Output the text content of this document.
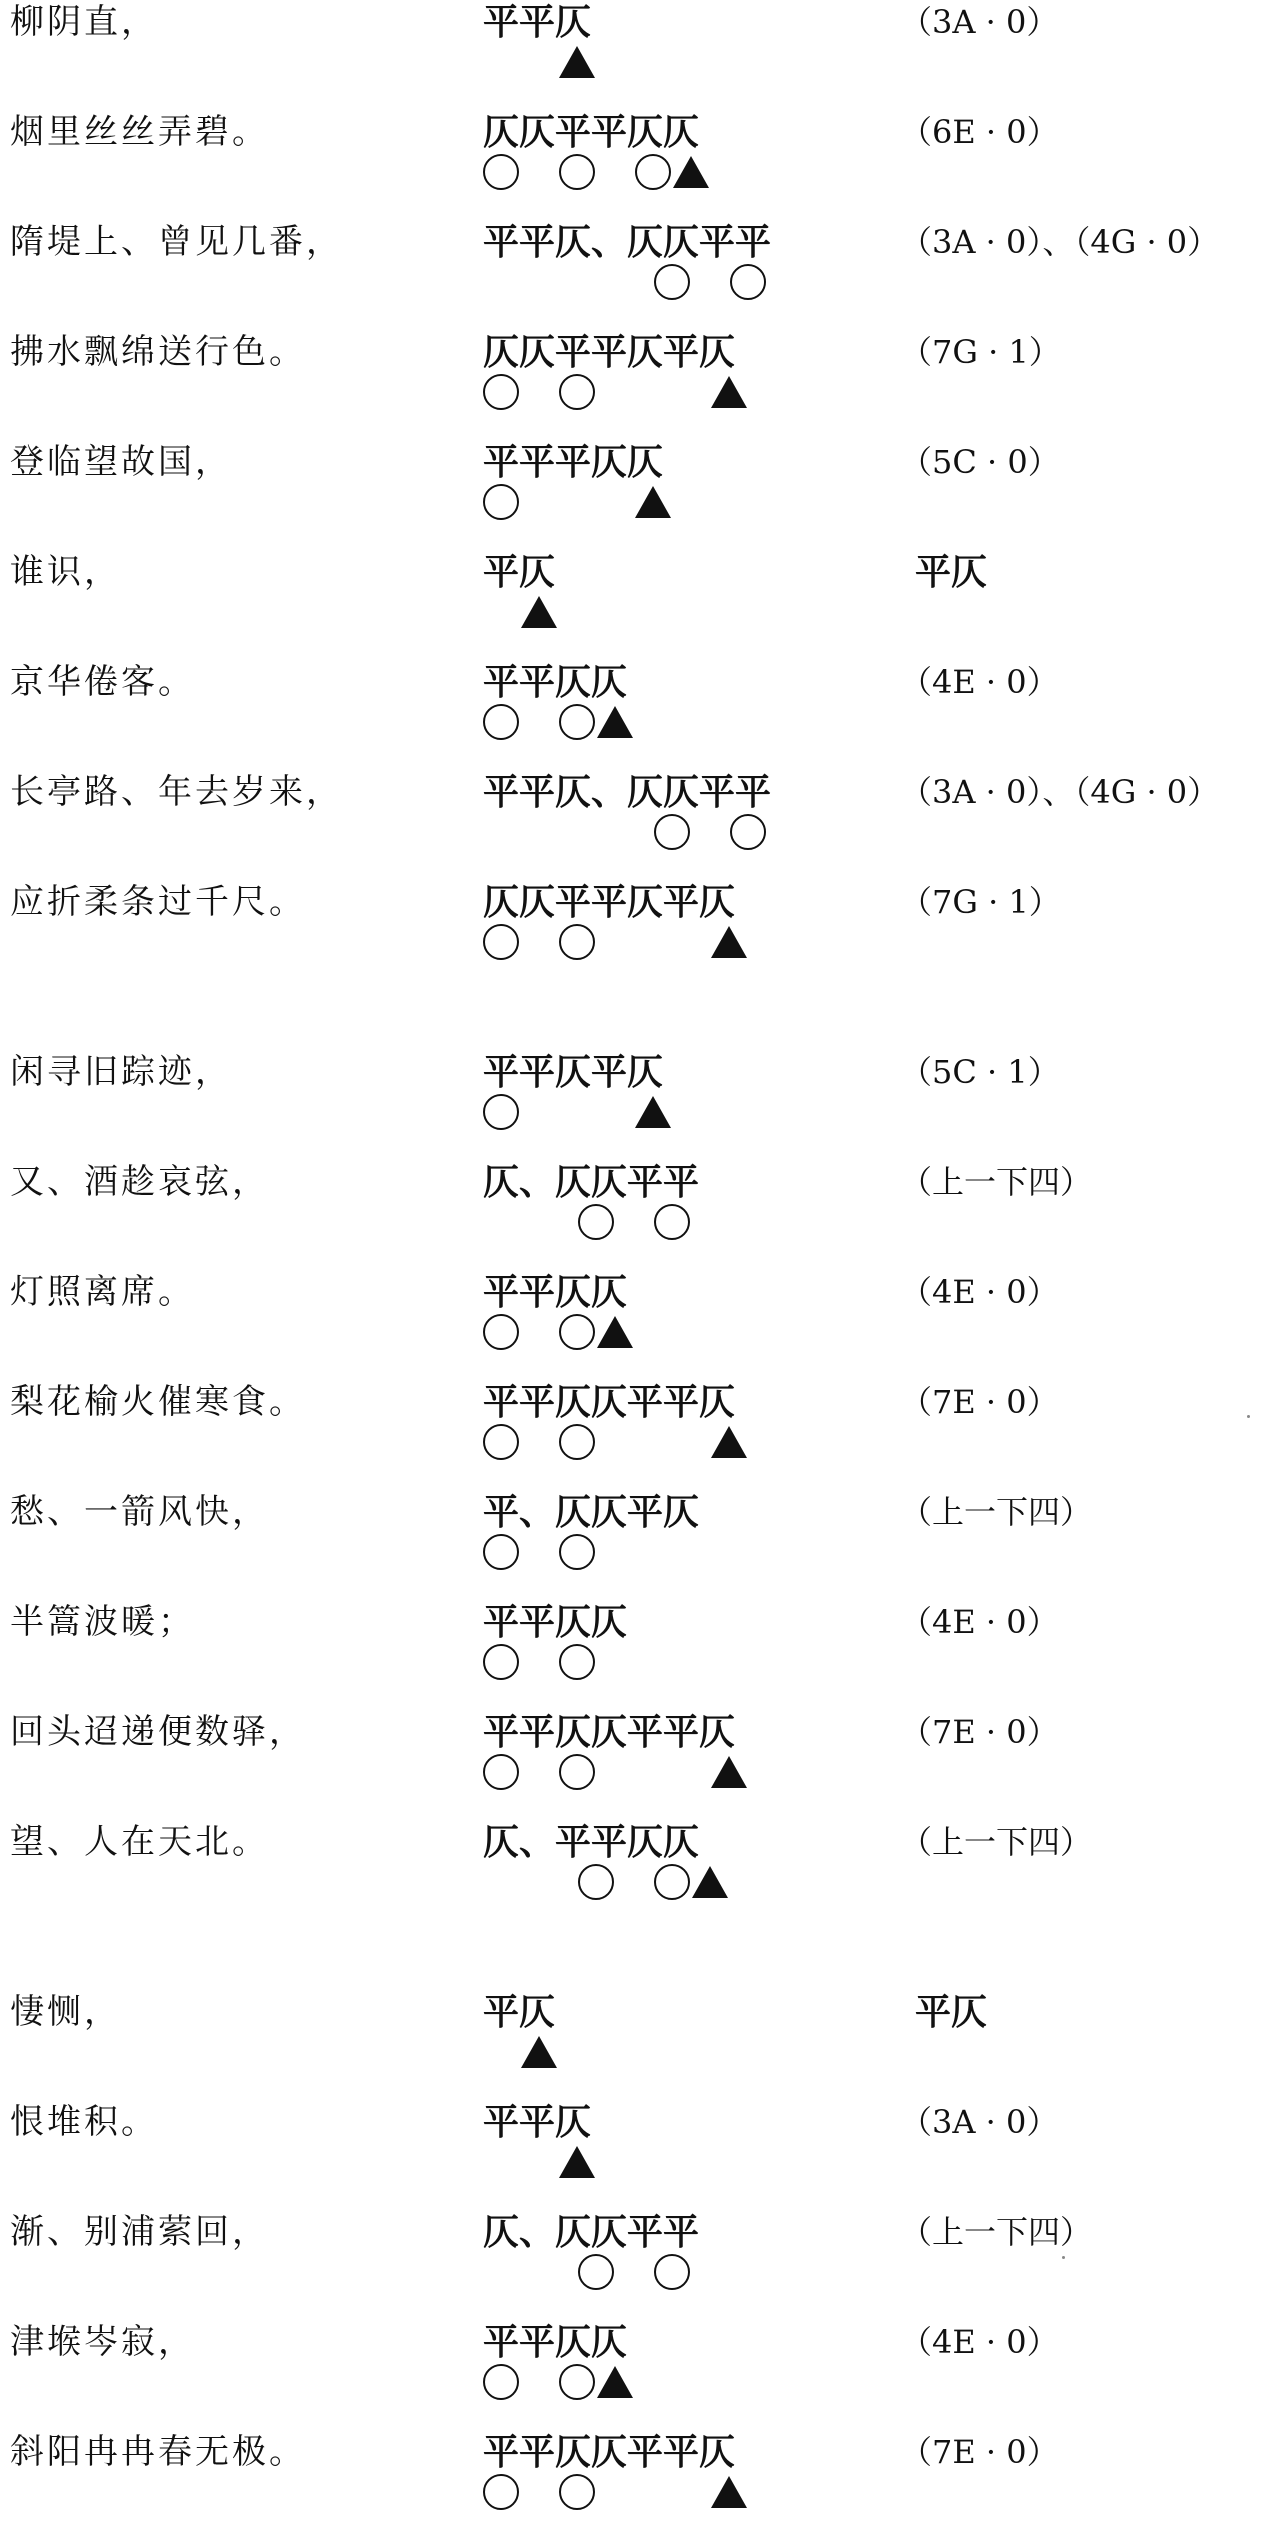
柳阴直，	平平仄	（3A · 0）
烟里丝丝弄碧。	仄仄平平仄仄	（6E · 0）
隋堤上、曾见几番，	平平仄、仄仄平平	（3A · 0）、（4G · 0）
拂水飘绵送行色。	仄仄平平仄平仄	（7G · 1）
登临望故国，	平平平仄仄	（5C · 0）
谁识，	平仄	平仄
京华倦客。	平平仄仄	（4E · 0）
长亭路、年去岁来，	平平仄、仄仄平平	（3A · 0）、（4G · 0）
应折柔条过千尺。	仄仄平平仄平仄	（7G · 1）
闲寻旧踪迹，	平平仄平仄	（5C · 1）
又、酒趁哀弦，	仄、仄仄平平	（上一下四）
灯照离席。	平平仄仄	（4E · 0）
梨花榆火催寒食。	平平仄仄平平仄	（7E · 0）
愁、一箭风快，	平、仄仄平仄	（上一下四）
半篙波暖；	平平仄仄	（4E · 0）
回头迢递便数驿，	平平仄仄平平仄	（7E · 0）
望、人在天北。	仄、平平仄仄	（上一下四）
悽恻，	平仄	平仄
恨堆积。	平平仄	（3A · 0）
渐、别浦萦回，	仄、仄仄平平	（上一下四）
津堠岑寂，	平平仄仄	（4E · 0）
斜阳冉冉春无极。	平平仄仄平平仄	（7E · 0）
